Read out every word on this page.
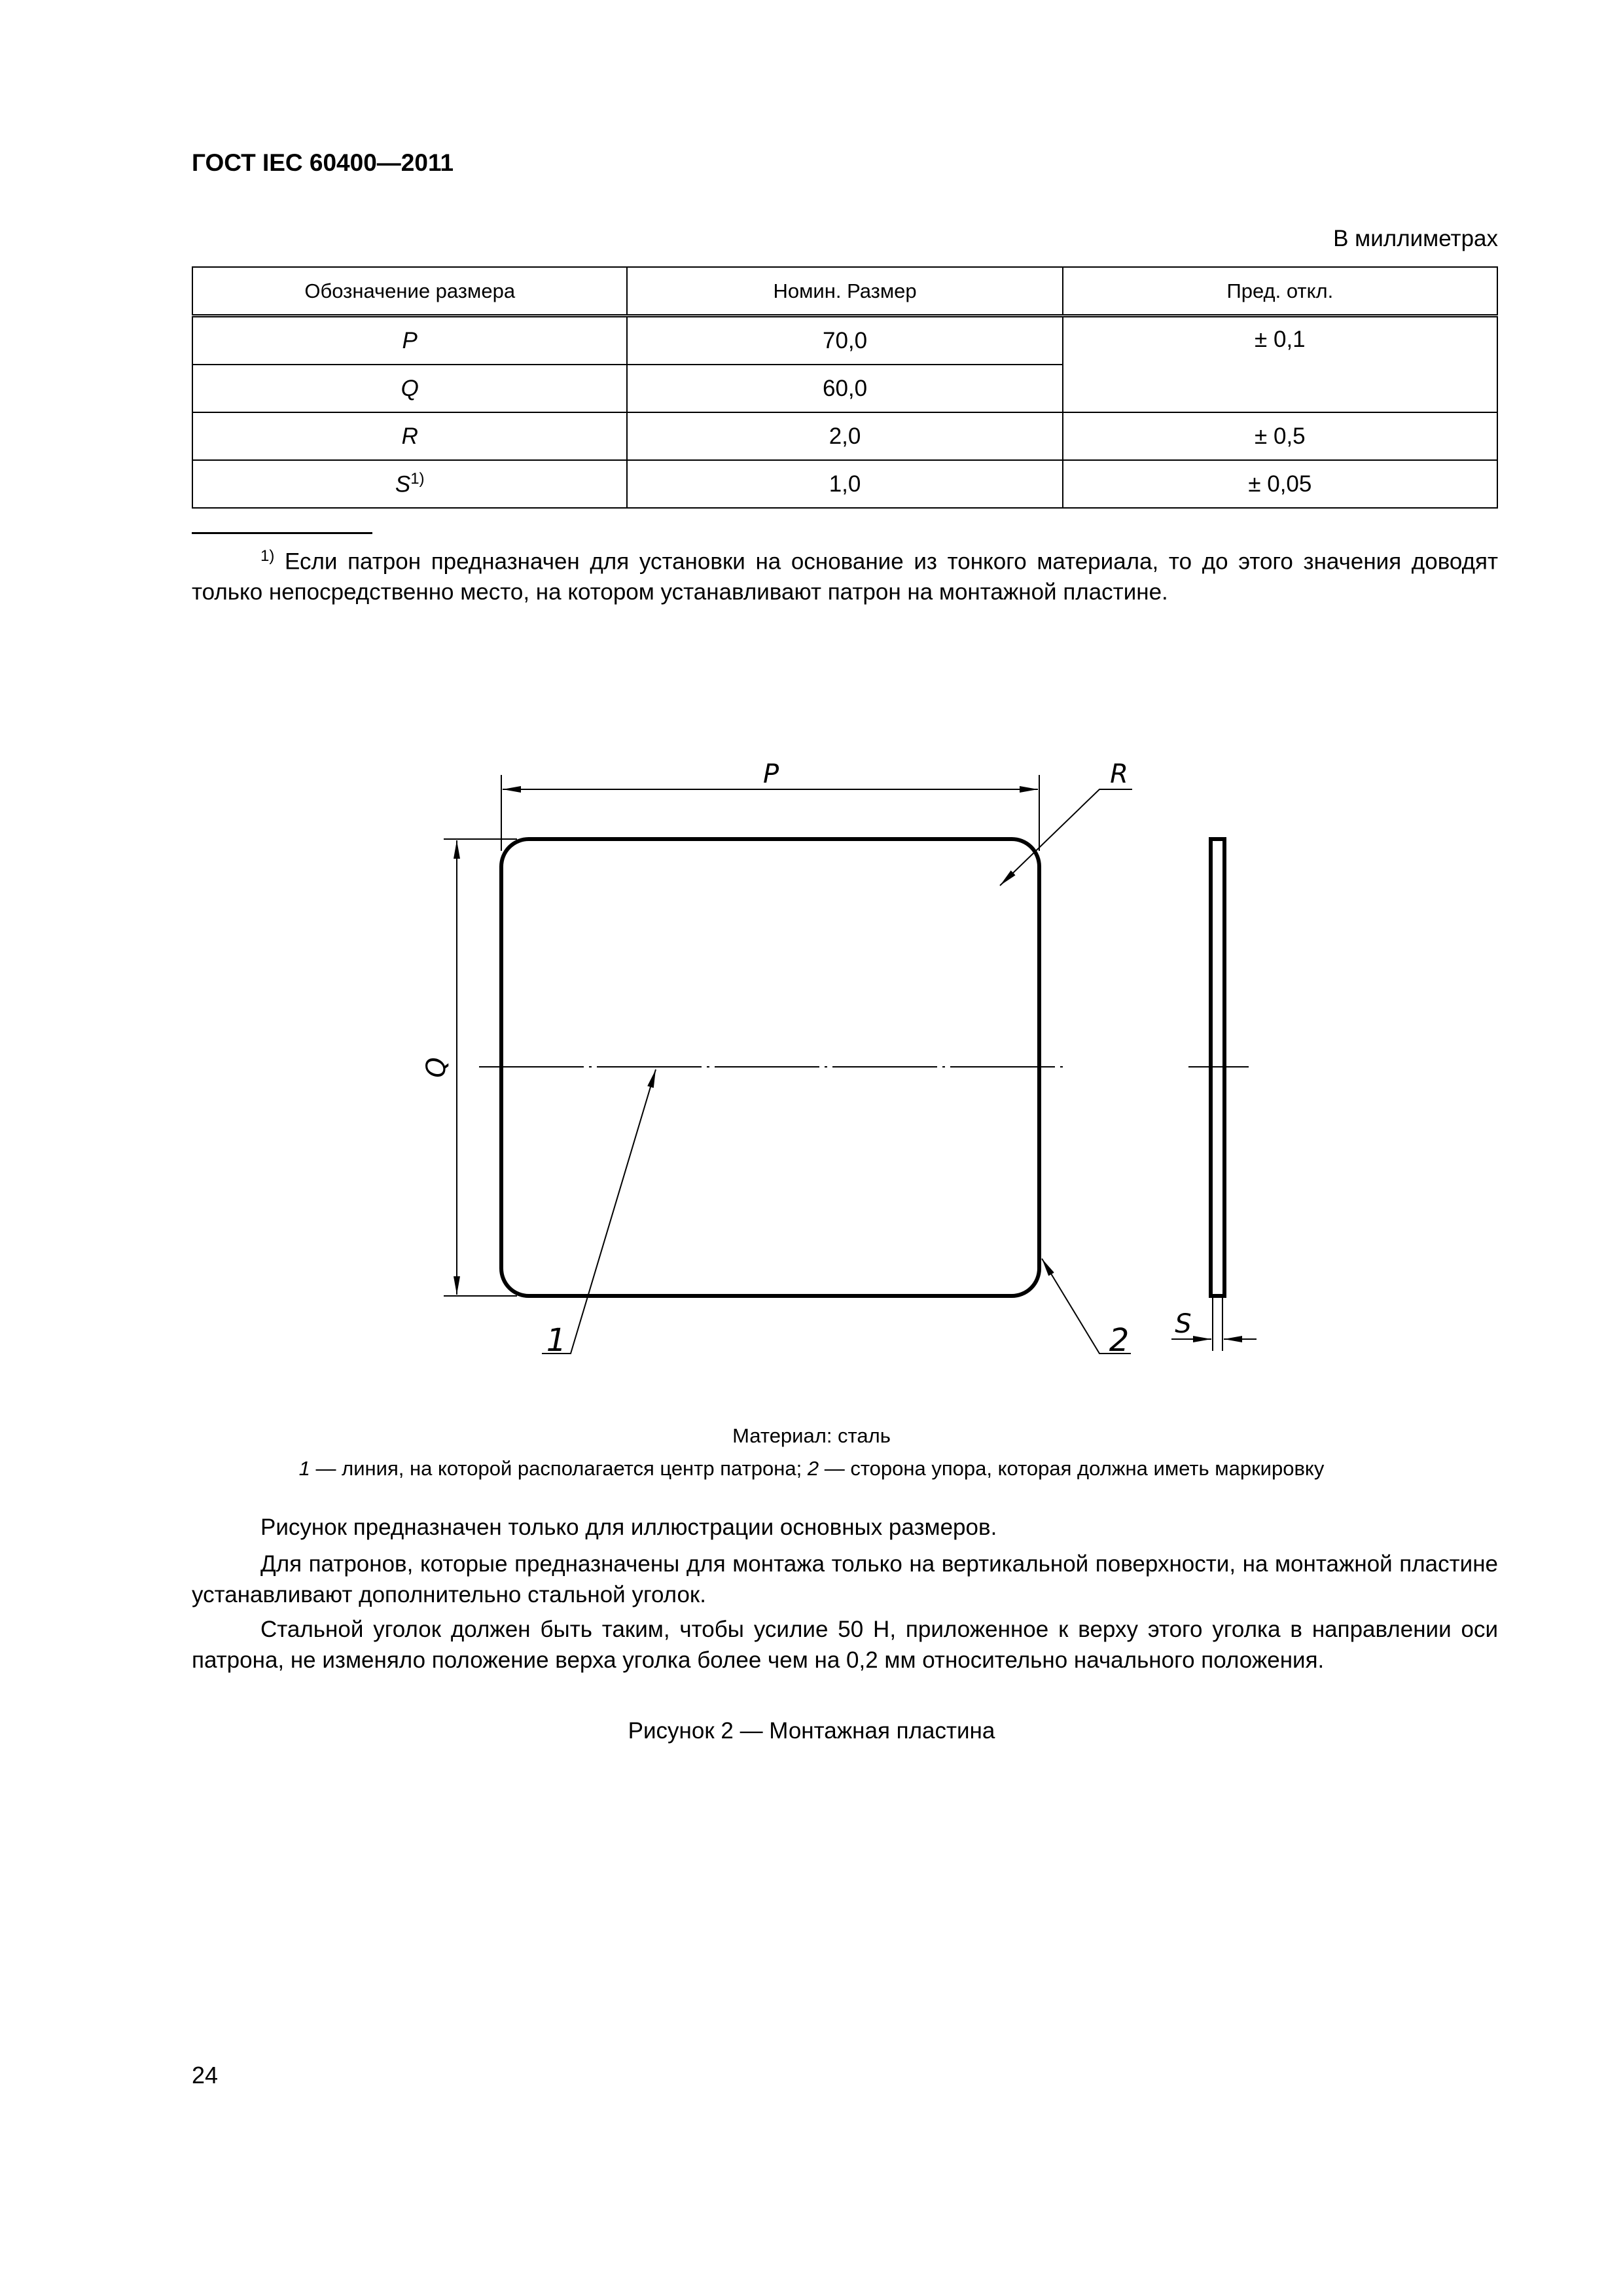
ГОСТ IEC 60400—2011
В миллиметрах
Обозначение размера	Номин. Размер	Пред. откл.
P	70,0	± 0,1
Q	60,0	
R	2,0	± 0,5
$S^{1)}$	1,0	± 0,05
$^{1)}$ Если патрон предназначен для установки на основание из тонкого материала, то до этого значения доводят только непосредственно место, на котором устанавливают патрон на монтажной пластине.
P	R
Q
1	2 S
Материал: сталь
1 — линия, на которой располагается центр патрона; 2 — сторона упора, которая должна иметь маркировку
Рисунок предназначен только для иллюстрации основных размеров.
Для патронов, которые предназначены для монтажа только на вертикальной поверхности, на монтажной пластине устанавливают дополнительно стальной уголок.
Стальной уголок должен быть таким, чтобы усилие 50 Н, приложенное к верху этого уголка в направлении оси патрона, не изменяло положение верха уголка более чем на 0,2 мм относительно начального положения.
Рисунок 2 — Монтажная пластина
24
